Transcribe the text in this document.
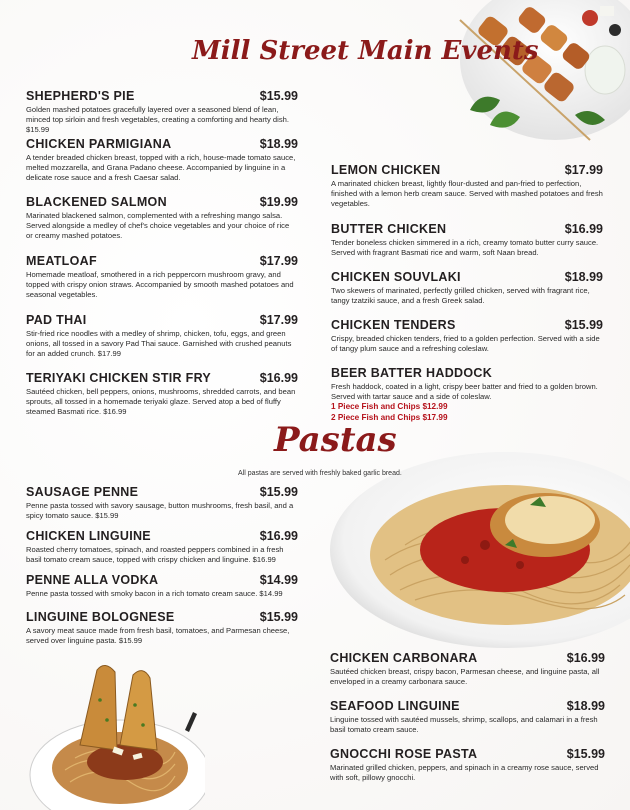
Mill Street Main Events
Pastas
All pastas are served with freshly baked garlic bread.
SHEPHERD'S PIE	$15.99
Golden mashed potatoes gracefully layered over a seasoned blend of lean, minced top sirloin and fresh vegetables, creating a comforting and hearty dish. $15.99
CHICKEN PARMIGIANA	$18.99
A tender breaded chicken breast, topped with a rich, house-made tomato sauce, melted mozzarella, and Grana Padano cheese. Accompanied by linguine in a delicate rose sauce and a fresh Caesar salad.
BLACKENED SALMON	$19.99
Marinated blackened salmon, complemented with a refreshing mango salsa. Served alongside a medley of chef's choice vegetables and your choice of rice or creamy mashed potatoes.
MEATLOAF	$17.99
Homemade meatloaf, smothered in a rich peppercorn mushroom gravy, and topped with crispy onion straws. Accompanied by smooth mashed potatoes and seasonal vegetables.
PAD THAI	$17.99
Stir-fried rice noodles with a medley of shrimp, chicken, tofu, eggs, and green onions, all tossed in a savory Pad Thai sauce. Garnished with crushed peanuts for an added crunch. $17.99
TERIYAKI CHICKEN STIR FRY	$16.99
Sautéed chicken, bell peppers, onions, mushrooms, shredded carrots, and bean sprouts, all tossed in a homemade teriyaki glaze. Served atop a bed of fluffy steamed Basmati rice. $16.99
LEMON CHICKEN	$17.99
A marinated chicken breast, lightly flour-dusted and pan-fried to perfection, finished with a lemon herb cream sauce. Served with mashed potatoes and fresh vegetables.
BUTTER CHICKEN	$16.99
Tender boneless chicken simmered in a rich, creamy tomato butter curry sauce. Served with fragrant Basmati rice and warm, soft Naan bread.
CHICKEN SOUVLAKI	$18.99
Two skewers of marinated, perfectly grilled chicken, served with fragrant rice, tangy tzatziki sauce, and a fresh Greek salad.
CHICKEN TENDERS	$15.99
Crispy, breaded chicken tenders, fried to a golden perfection. Served with a side of tangy plum sauce and a refreshing coleslaw.
BEER BATTER HADDOCK
Fresh haddock, coated in a light, crispy beer batter and fried to a golden brown. Served with tartar sauce and a side of coleslaw.
1 Piece Fish and Chips $12.99
2 Piece Fish and Chips $17.99
SAUSAGE PENNE	$15.99
Penne pasta tossed with savory sausage, button mushrooms, fresh basil, and a spicy tomato sauce. $15.99
CHICKEN LINGUINE	$16.99
Roasted cherry tomatoes, spinach, and roasted peppers combined in a fresh basil tomato cream sauce, topped with crispy chicken and linguine. $16.99
PENNE ALLA VODKA	$14.99
Penne pasta tossed with smoky bacon in a rich tomato cream sauce. $14.99
LINGUINE BOLOGNESE	$15.99
A savory meat sauce made from fresh basil, tomatoes, and Parmesan cheese, served over linguine pasta. $15.99
CHICKEN CARBONARA	$16.99
Sautéed chicken breast, crispy bacon, Parmesan cheese, and linguine pasta, all enveloped in a creamy carbonara sauce.
SEAFOOD LINGUINE	$18.99
Linguine tossed with sautéed mussels, shrimp, scallops, and calamari in a fresh basil tomato cream sauce.
GNOCCHI ROSE PASTA	$15.99
Marinated grilled chicken, peppers, and spinach in a creamy rose sauce, served with soft, pillowy gnocchi.
